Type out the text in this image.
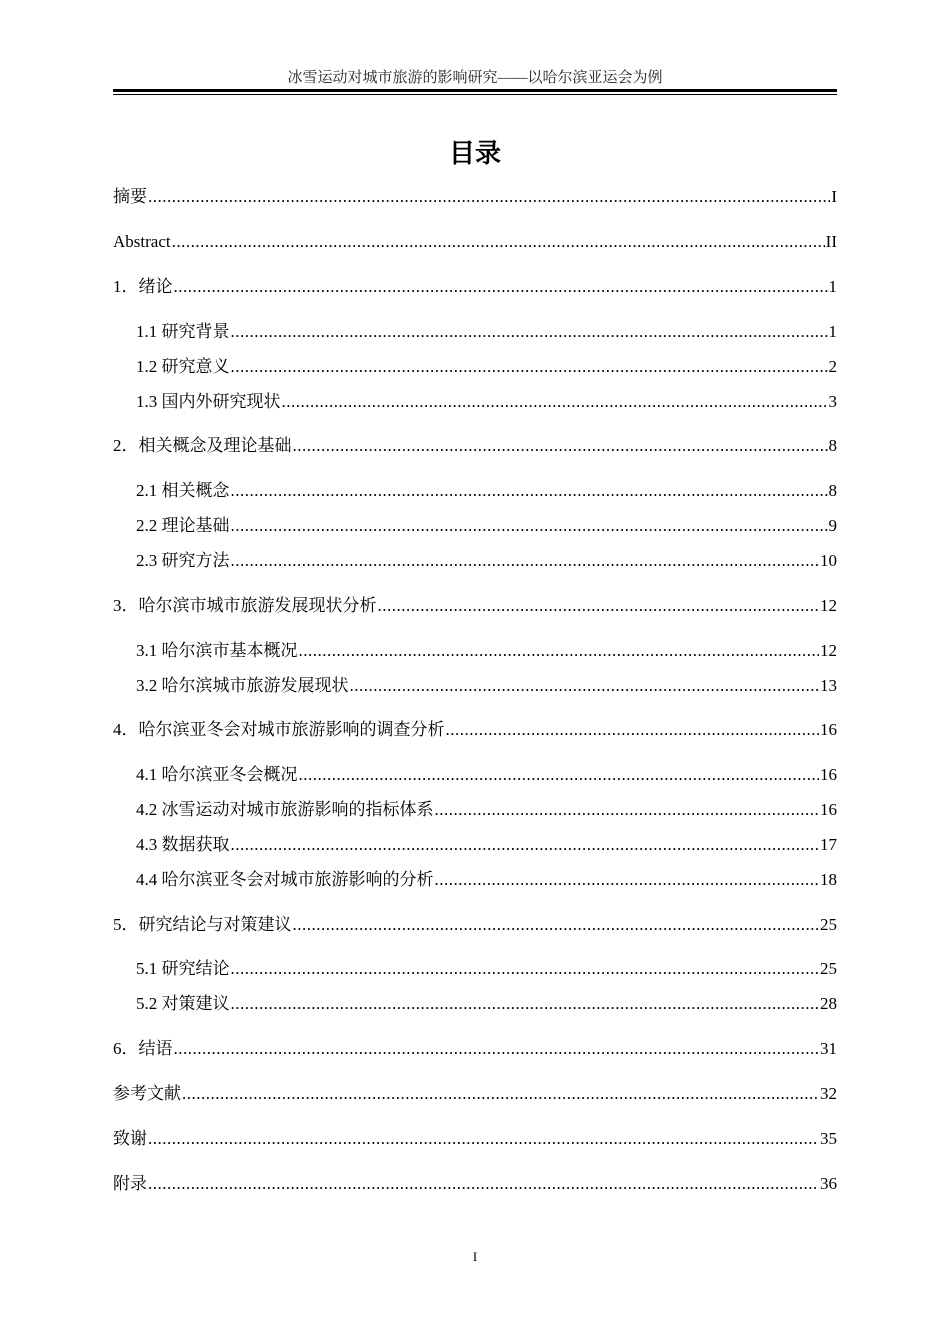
冰雪运动对城市旅游的影响研究——以哈尔滨亚运会为例
目录
摘要 .....	I
Abstract .....	II
1．绪论 .....	1
1.1 研究背景 .....	1
1.2 研究意义 .....	2
1.3 国内外研究现状 .....	3
2．相关概念及理论基础 .....	8
2.1 相关概念 .....	8
2.2 理论基础 .....	9
2.3 研究方法 .....	10
3．哈尔滨市城市旅游发展现状分析 .....	12
3.1 哈尔滨市基本概况 .....	12
3.2 哈尔滨城市旅游发展现状 .....	13
4．哈尔滨亚冬会对城市旅游影响的调查分析 .....	16
4.1 哈尔滨亚冬会概况 .....	16
4.2 冰雪运动对城市旅游影响的指标体系 .....	16
4.3 数据获取 .....	17
4.4 哈尔滨亚冬会对城市旅游影响的分析 .....	18
5．研究结论与对策建议 .....	25
5.1 研究结论 .....	25
5.2 对策建议 .....	28
6．结语 .....	31
参考文献 .....	32
致谢 .....	35
附录 .....	36
I
